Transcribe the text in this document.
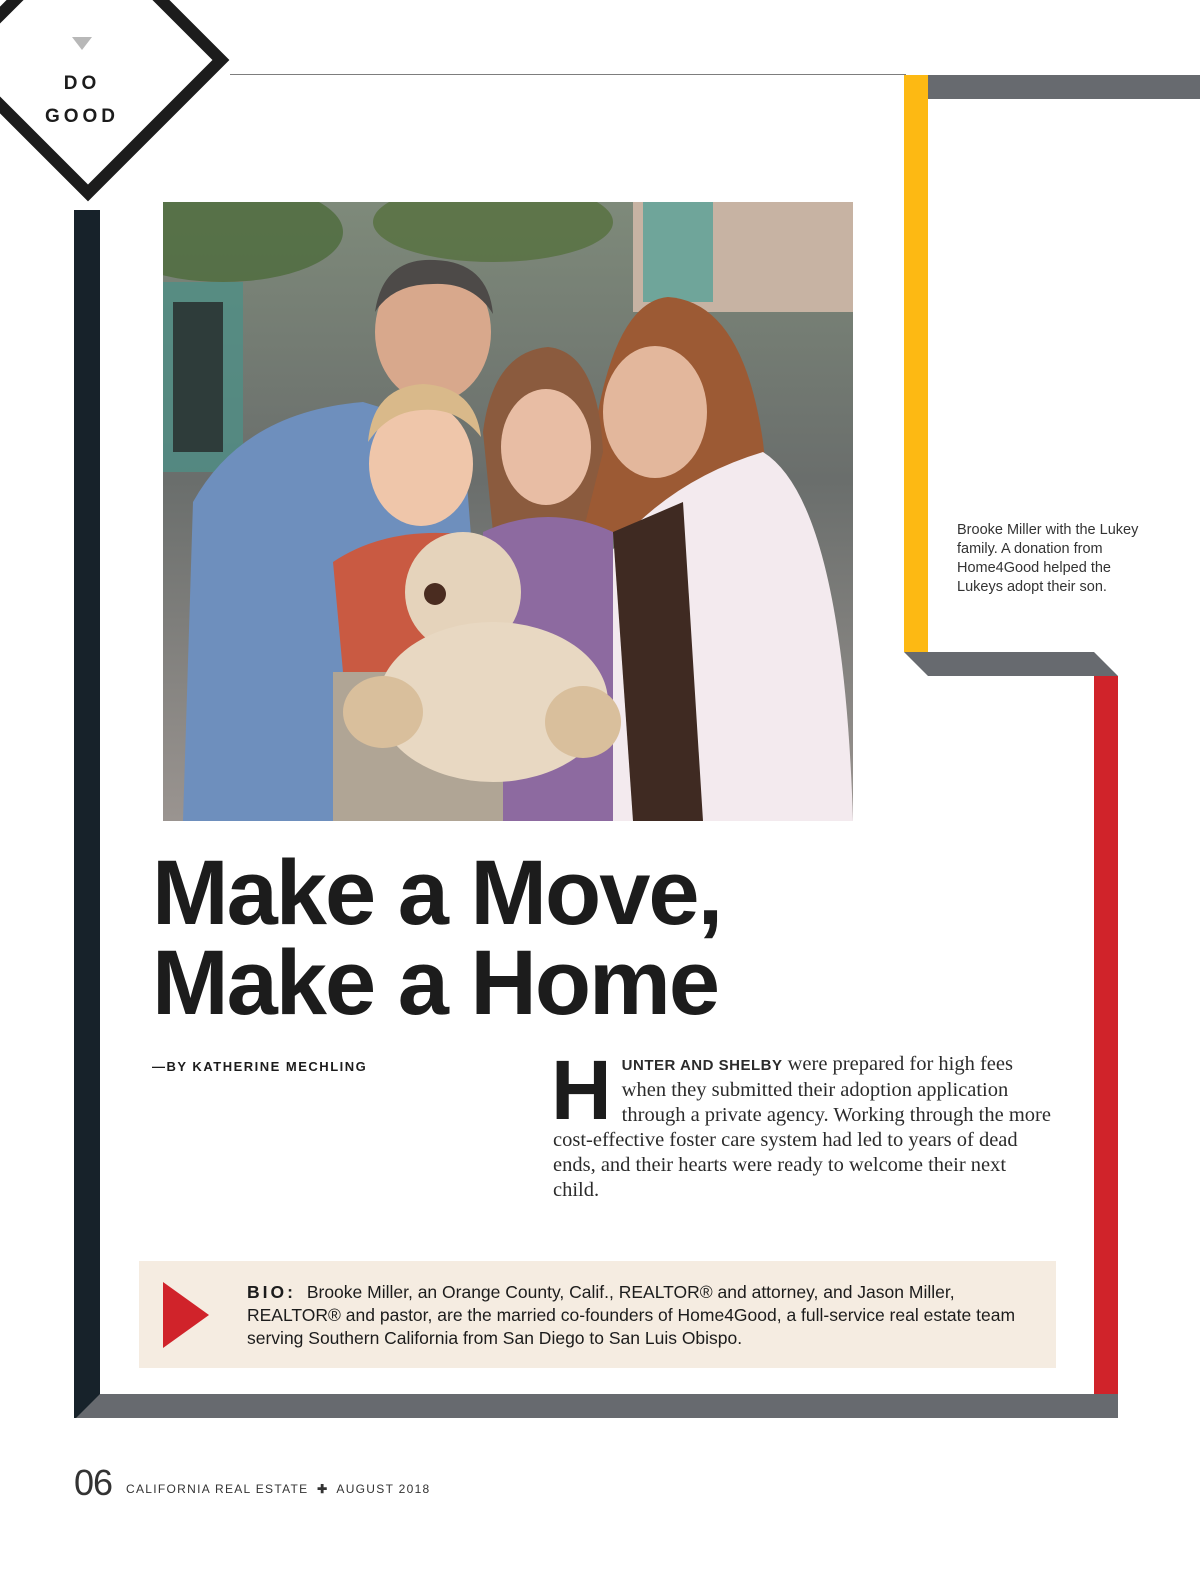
DO
GOOD
Brooke Miller with the Lukey family. A donation from Home4Good helped the Lukeys adopt their son.
Make a Move,
Make a Home
—BY KATHERINE MECHLING HUNTER AND SHELBY were prepared for high fees when they submitted their adoption application through a private agency. Working through the more cost-effective foster care system had led to years of dead ends, and their hearts were ready to welcome their next child.
BIO: Brooke Miller, an Orange County, Calif., REALTOR® and attorney, and Jason Miller, REALTOR® and pastor, are the married co-founders of Home4Good, a full-service real estate team serving Southern California from San Diego to San Luis Obispo.
06 CALIFORNIA REAL ESTATE ✚ AUGUST 2018
